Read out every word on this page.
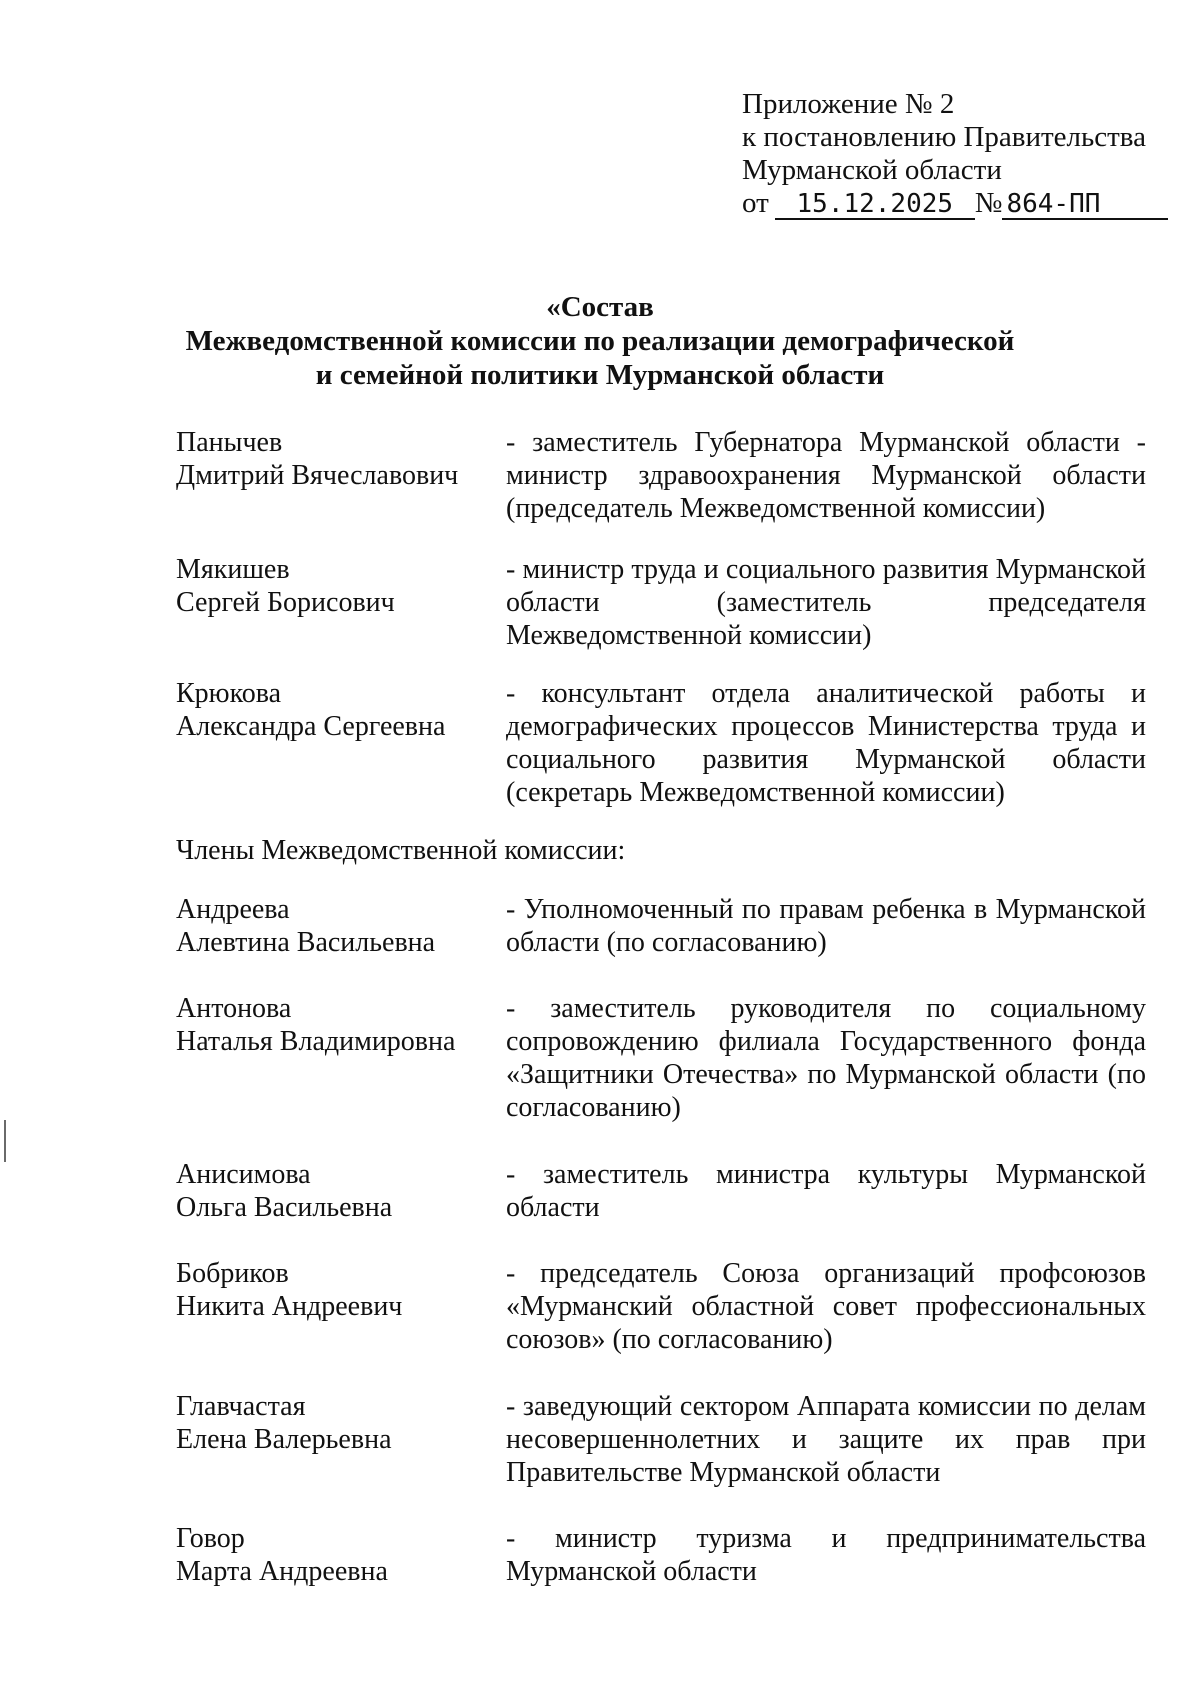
Приложение № 2
к постановлению Правительства
Мурманской области
от 15.12.2025 № 864-ПП
«Состав
Межведомственной комиссии по реализации демографической
и семейной политики Мурманской области
Панычев
Дмитрий Вячеславович
- заместитель Губернатора Мурманской области - министр здравоохранения Мурманской области (председатель Межведомственной комиссии)
Мякишев
Сергей Борисович
- министр труда и социального развития Мурманской области (заместитель председателя Межведомственной комиссии)
Крюкова
Александра Сергеевна
- консультант отдела аналитической работы и демографических процессов Министерства труда и социального развития Мурманской области (секретарь Межведомственной комиссии)
Члены Межведомственной комиссии:
Андреева
Алевтина Васильевна
- Уполномоченный по правам ребенка в Мурманской области (по согласованию)
Антонова
Наталья Владимировна
- заместитель руководителя по социальному сопровождению филиала Государственного фонда «Защитники Отечества» по Мурманской области (по согласованию)
Анисимова
Ольга Васильевна
- заместитель министра культуры Мурманской области
Бобриков
Никита Андреевич
- председатель Союза организаций профсоюзов «Мурманский областной совет профессиональных союзов» (по согласованию)
Главчастая
Елена Валерьевна
- заведующий сектором Аппарата комиссии по делам несовершеннолетних и защите их прав при Правительстве Мурманской области
Говор
Марта Андреевна
- министр туризма и предпринимательства Мурманской области
